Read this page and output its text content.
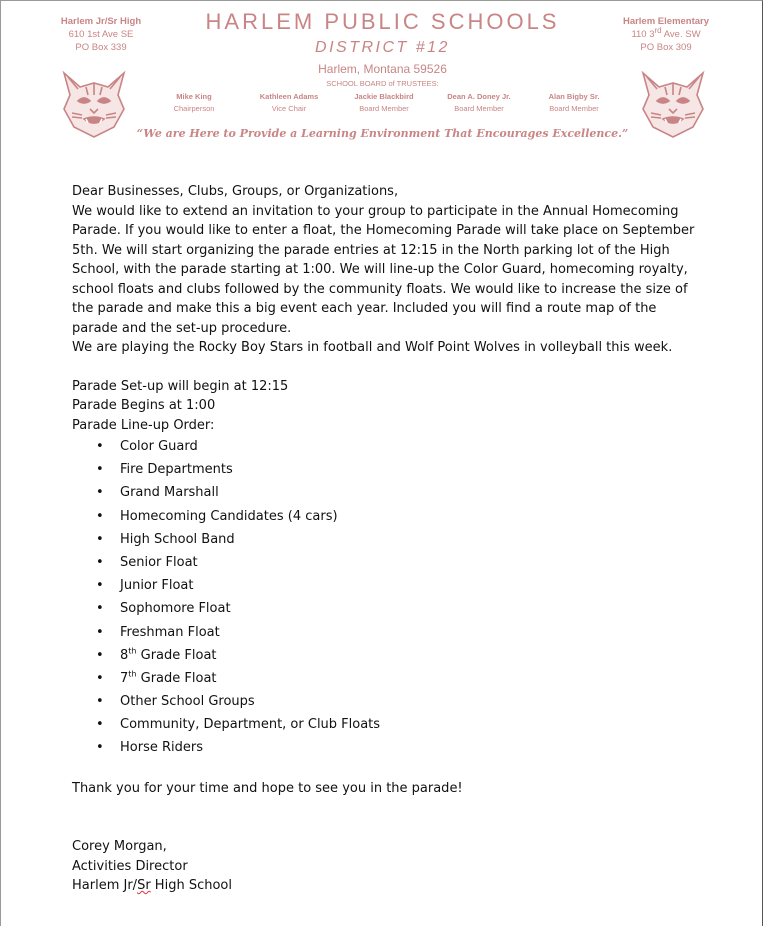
Harlem Jr/Sr High
610 1st Ave SE
PO Box 339
Harlem Elementary
110 3rd Ave. SW
PO Box 309
HARLEM PUBLIC SCHOOLS
DISTRICT #12
Harlem, Montana 59526
SCHOOL BOARD of TRUSTEES:
Mike King
Chairperson
Kathleen Adams
Vice Chair
Jackie Blackbird
Board Member
Dean A. Doney Jr.
Board Member
Alan Bigby Sr.
Board Member
“We are Here to Provide a Learning Environment That Encourages Excellence.”

Dear Businesses, Clubs, Groups, or Organizations,

We would like to extend an invitation to your group to participate in the Annual Homecoming

Parade. If you would like to enter a float, the Homecoming Parade will take place on September

5th. We will start organizing the parade entries at 12:15 in the North parking lot of the High

School, with the parade starting at 1:00. We will line-up the Color Guard, homecoming royalty,

school floats and clubs followed by the community floats. We would like to increase the size of

the parade and make this a big event each year. Included you will find a route map of the

parade and the set-up procedure.

We are playing the Rocky Boy Stars in football and Wolf Point Wolves in volleyball this week.

Parade Set-up will begin at 12:15

Parade Begins at 1:00

Parade Line-up Order:

• Color Guard
• Fire Departments
• Grand Marshall
• Homecoming Candidates (4 cars)
• High School Band
• Senior Float
• Junior Float
• Sophomore Float
• Freshman Float
• 8th Grade Float
• 7th Grade Float
• Other School Groups
• Community, Department, or Club Floats
• Horse Riders

Thank you for your time and hope to see you in the parade!

Corey Morgan,

Activities Director

Harlem Jr/Sr High School
